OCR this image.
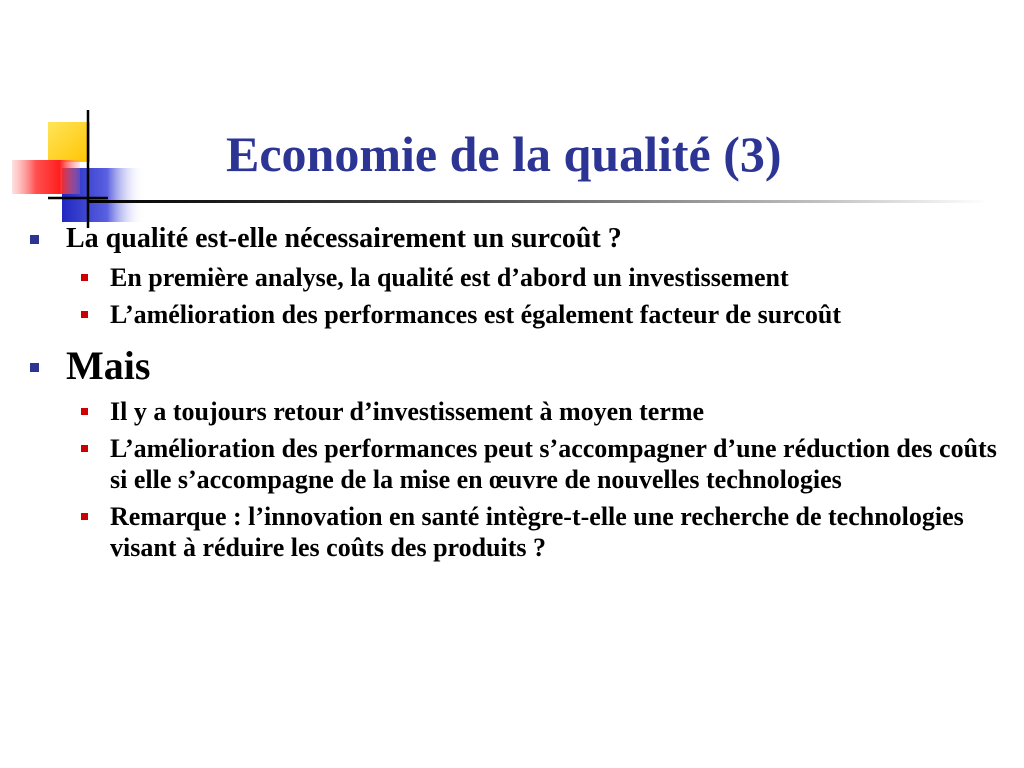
Economie de la qualité (3)
La qualité est-elle nécessairement un surcoût ?
En première analyse, la qualité est d’abord un investissement
L’amélioration des performances est également facteur de surcoût
Mais
Il y a toujours retour d’investissement à moyen terme
L’amélioration des performances peut s’accompagner d’une réduction des coûts si elle s’accompagne de la mise en œuvre de nouvelles technologies
Remarque : l’innovation en santé intègre-t-elle une recherche de technologies visant à réduire les coûts des produits ?
